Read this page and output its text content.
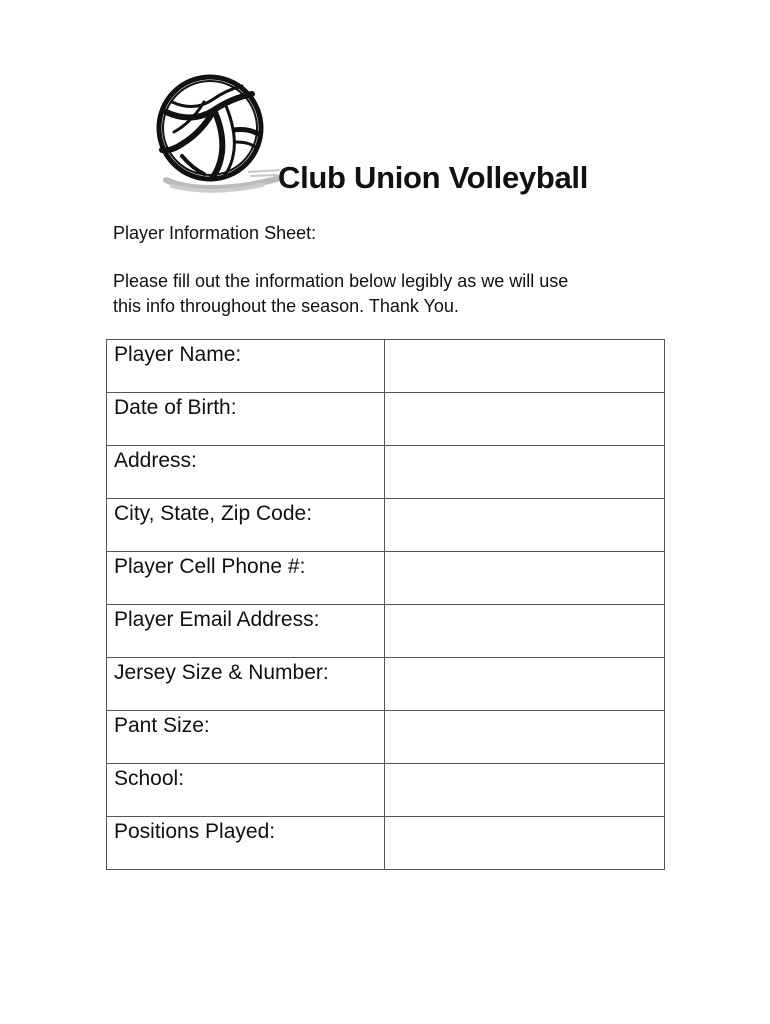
Club Union Volleyball

Player Information Sheet:

Please fill out the information below legibly as we will use
this info throughout the season. Thank You.

Player Name:	
Date of Birth:	
Address:	
City, State, Zip Code:	
Player Cell Phone #:	
Player Email Address:	
Jersey Size & Number:	
Pant Size:	
School:	
Positions Played:	
